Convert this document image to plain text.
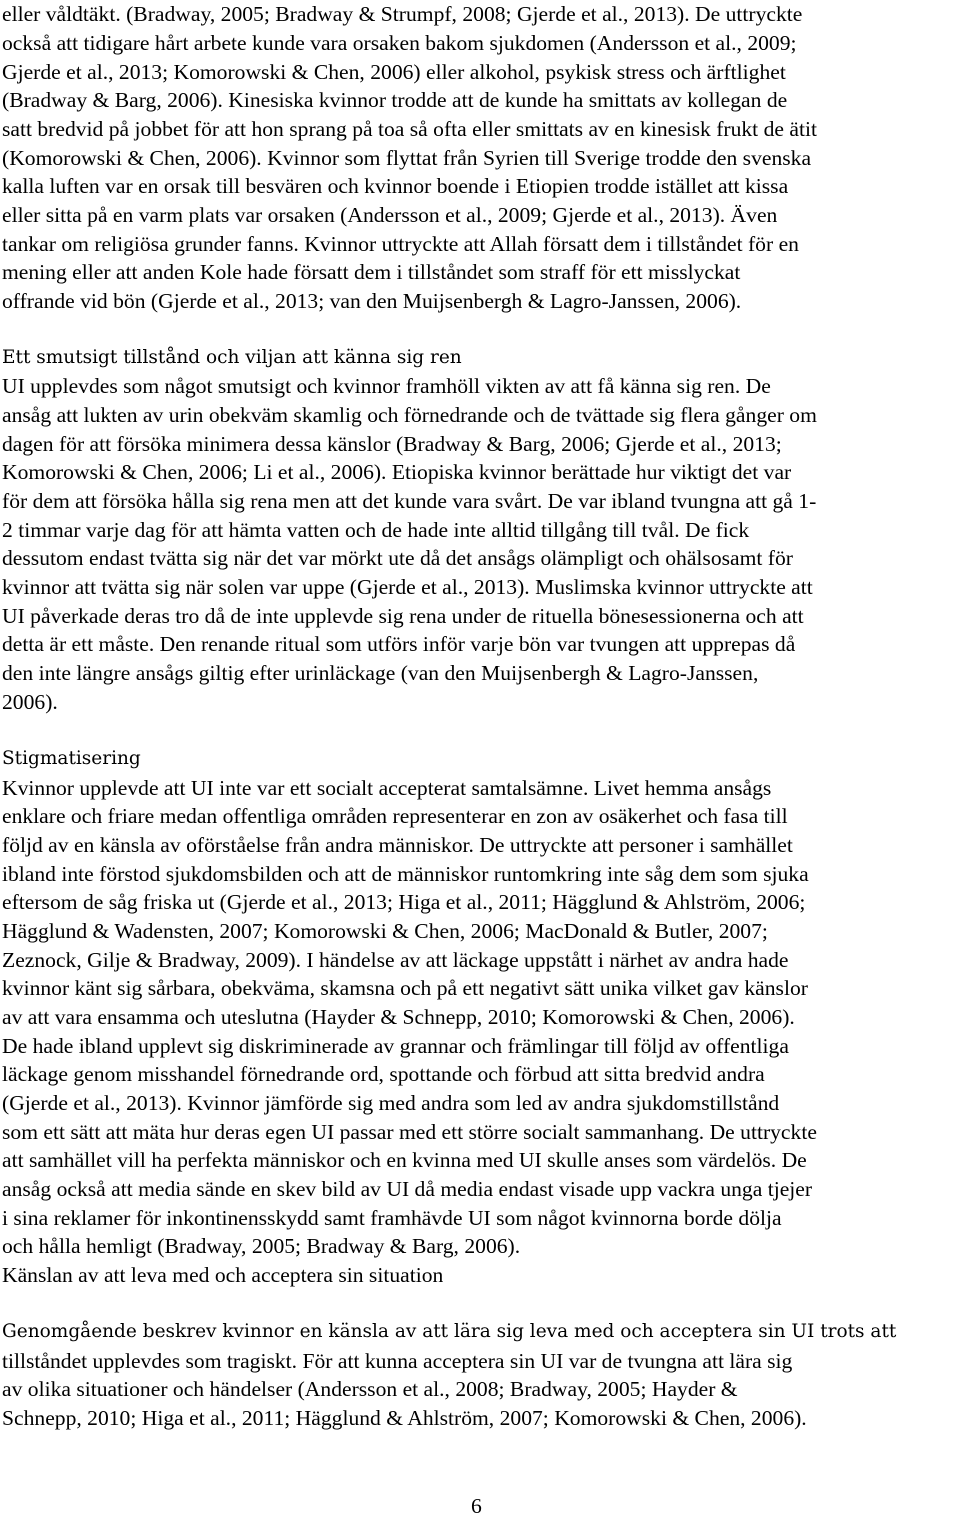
eller våldtäkt. (Bradway, 2005; Bradway & Strumpf, 2008; Gjerde et al., 2013). De uttryckte
också att tidigare hårt arbete kunde vara orsaken bakom sjukdomen (Andersson et al., 2009;
Gjerde et al., 2013; Komorowski & Chen, 2006) eller alkohol, psykisk stress och ärftlighet
(Bradway & Barg, 2006). Kinesiska kvinnor trodde att de kunde ha smittats av kollegan de
satt bredvid på jobbet för att hon sprang på toa så ofta eller smittats av en kinesisk frukt de ätit
(Komorowski & Chen, 2006). Kvinnor som flyttat från Syrien till Sverige trodde den svenska
kalla luften var en orsak till besvären och kvinnor boende i Etiopien trodde istället att kissa
eller sitta på en varm plats var orsaken (Andersson et al., 2009; Gjerde et al., 2013). Även
tankar om religiösa grunder fanns. Kvinnor uttryckte att Allah försatt dem i tillståndet för en
mening eller att anden Kole hade försatt dem i tillståndet som straff för ett misslyckat
offrande vid bön (Gjerde et al., 2013; van den Muijsenbergh & Lagro-Janssen, 2006).
Ett smutsigt tillstånd och viljan att känna sig ren
UI upplevdes som något smutsigt och kvinnor framhöll vikten av att få känna sig ren. De
ansåg att lukten av urin obekväm skamlig och förnedrande och de tvättade sig flera gånger om
dagen för att försöka minimera dessa känslor (Bradway & Barg, 2006; Gjerde et al., 2013;
Komorowski & Chen, 2006; Li et al., 2006). Etiopiska kvinnor berättade hur viktigt det var
för dem att försöka hålla sig rena men att det kunde vara svårt. De var ibland tvungna att gå 1-
2 timmar varje dag för att hämta vatten och de hade inte alltid tillgång till tvål. De fick
dessutom endast tvätta sig när det var mörkt ute då det ansågs olämpligt och ohälsosamt för
kvinnor att tvätta sig när solen var uppe (Gjerde et al., 2013). Muslimska kvinnor uttryckte att
UI påverkade deras tro då de inte upplevde sig rena under de rituella bönesessionerna och att
detta är ett måste. Den renande ritual som utförs inför varje bön var tvungen att upprepas då
den inte längre ansågs giltig efter urinläckage (van den Muijsenbergh & Lagro-Janssen,
2006).
Stigmatisering
Kvinnor upplevde att UI inte var ett socialt accepterat samtalsämne. Livet hemma ansågs
enklare och friare medan offentliga områden representerar en zon av osäkerhet och fasa till
följd av en känsla av oförståelse från andra människor. De uttryckte att personer i samhället
ibland inte förstod sjukdomsbilden och att de människor runtomkring inte såg dem som sjuka
eftersom de såg friska ut (Gjerde et al., 2013; Higa et al., 2011; Hägglund & Ahlström, 2006;
Hägglund & Wadensten, 2007; Komorowski & Chen, 2006; MacDonald & Butler, 2007;
Zeznock, Gilje & Bradway, 2009). I händelse av att läckage uppstått i närhet av andra hade
kvinnor känt sig sårbara, obekväma, skamsna och på ett negativt sätt unika vilket gav känslor
av att vara ensamma och uteslutna (Hayder & Schnepp, 2010; Komorowski & Chen, 2006).
De hade ibland upplevt sig diskriminerade av grannar och främlingar till följd av offentliga
läckage genom misshandel förnedrande ord, spottande och förbud att sitta bredvid andra
(Gjerde et al., 2013). Kvinnor jämförde sig med andra som led av andra sjukdomstillstånd
som ett sätt att mäta hur deras egen UI passar med ett större socialt sammanhang. De uttryckte
att samhället vill ha perfekta människor och en kvinna med UI skulle anses som värdelös. De
ansåg också att media sände en skev bild av UI då media endast visade upp vackra unga tjejer
i sina reklamer för inkontinensskydd samt framhävde UI som något kvinnorna borde dölja
och hålla hemligt (Bradway, 2005; Bradway & Barg, 2006).
Känslan av att leva med och acceptera sin situation
Genomgående beskrev kvinnor en känsla av att lära sig leva med och acceptera sin UI trots att
tillståndet upplevdes som tragiskt. För att kunna acceptera sin UI var de tvungna att lära sig
av olika situationer och händelser (Andersson et al., 2008; Bradway, 2005; Hayder &
Schnepp, 2010; Higa et al., 2011; Hägglund & Ahlström, 2007; Komorowski & Chen, 2006).
6
